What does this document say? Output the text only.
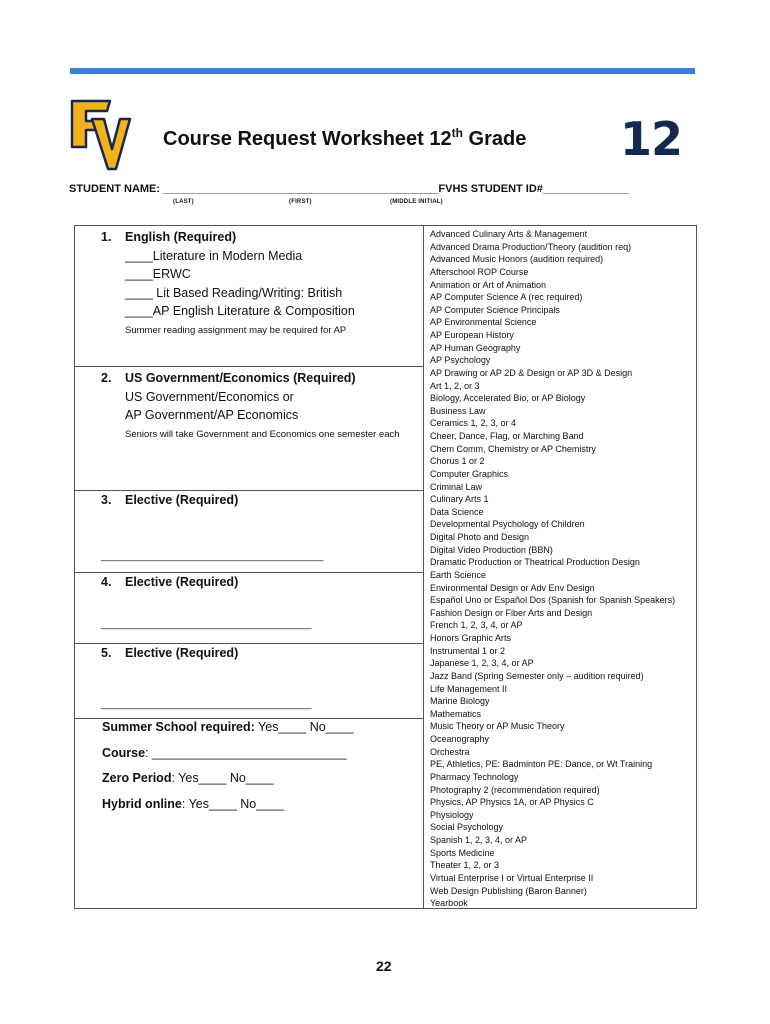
Course Request Worksheet 12th Grade 12
STUDENT NAME: _____________________________________________FVHS STUDENT ID#______________
(LAST)	(FIRST)	(MIDDLE INITIAL)
1. English (Required)
____Literature in Modern Media
____ERWC
____ Lit Based Reading/Writing: British
____AP English Literature & Composition
Summer reading assignment may be required for AP
2. US Government/Economics (Required)
US Government/Economics or
AP Government/AP Economics
Seniors will take Government and Economics one semester each
3. Elective (Required)
________________________________________
4. Elective (Required)
____________________________________
5. Elective (Required)
____________________________________
Summer School required: Yes____ No____
Course: ____________________________
Zero Period: Yes____ No____
Hybrid online: Yes____ No____
Advanced Culinary Arts & Management
Advanced Drama Production/Theory (audition req)
Advanced Music Honors (audition required)
Afterschool ROP Course
Animation or Art of Animation
AP Computer Science A (rec required)
AP Computer Science Principals
AP Environmental Science
AP European History
AP Human Geography
AP Psychology
AP Drawing or AP 2D & Design or AP 3D & Design
Art 1, 2, or 3
Biology, Accelerated Bio, or AP Biology
Business Law
Ceramics 1, 2, 3, or 4
Cheer, Dance, Flag, or Marching Band
Chem Comm, Chemistry or AP Chemistry
Chorus 1 or 2
Computer Graphics
Criminal Law
Culinary Arts 1
Data Science
Developmental Psychology of Children
Digital Photo and Design
Digital Video Production (BBN)
Dramatic Production or Theatrical Production Design
Earth Science
Environmental Design or Adv Env Design
Español Uno or Español Dos (Spanish for Spanish Speakers)
Fashion Design or Fiber Arts and Design
French 1, 2, 3, 4, or AP
Honors Graphic Arts
Instrumental 1 or 2
Japanese 1, 2, 3, 4, or AP
Jazz Band (Spring Semester only – audition required)
Life Management II
Marine Biology
Mathematics
Music Theory or AP Music Theory
Oceanography
Orchestra
PE, Athletics, PE: Badminton PE: Dance, or Wt Training
Pharmacy Technology
Photography 2 (recommendation required)
Physics, AP Physics 1A, or AP Physics C
Physiology
Social Psychology
Spanish 1, 2, 3, 4, or AP
Sports Medicine
Theater 1, 2, or 3
Virtual Enterprise I or Virtual Enterprise II
Web Design Publishing (Baron Banner)
Yearbook
22
